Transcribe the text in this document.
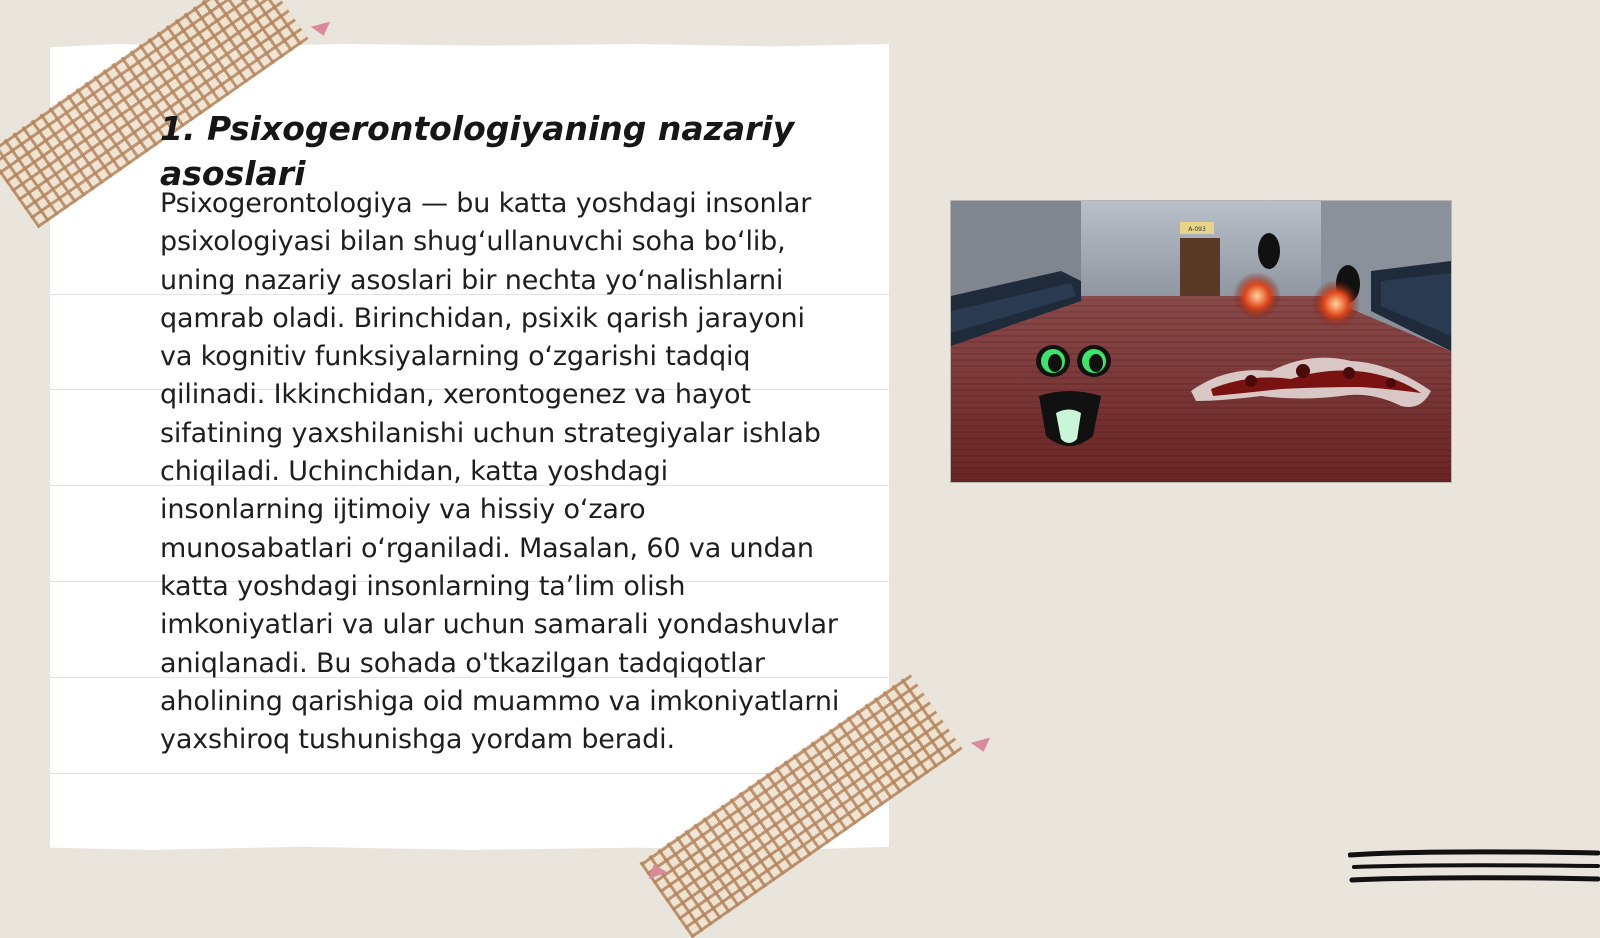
1. Psixogerontologiyaning nazariy asoslari

Psixogerontologiya — bu katta yoshdagi insonlar psixologiyasi bilan shug‘ullanuvchi soha bo‘lib, uning nazariy asoslari bir nechta yo‘nalishlarni qamrab oladi. Birinchidan, psixik qarish jarayoni va kognitiv funksiyalarning o‘zgarishi tadqiq qilinadi. Ikkinchidan, xerontogenez va hayot sifatining yaxshilanishi uchun strategiyalar ishlab chiqiladi. Uchinchidan, katta yoshdagi insonlarning ijtimoiy va hissiy o‘zaro munosabatlari o‘rganiladi. Masalan, 60 va undan katta yoshdagi insonlarning ta’lim olish imkoniyatlari va ular uchun samarali yondashuvlar aniqlanadi. Bu sohada o'tkazilgan tadqiqotlar aholining qarishiga oid muammo va imkoniyatlarni yaxshiroq tushunishga yordam beradi.

A-093
